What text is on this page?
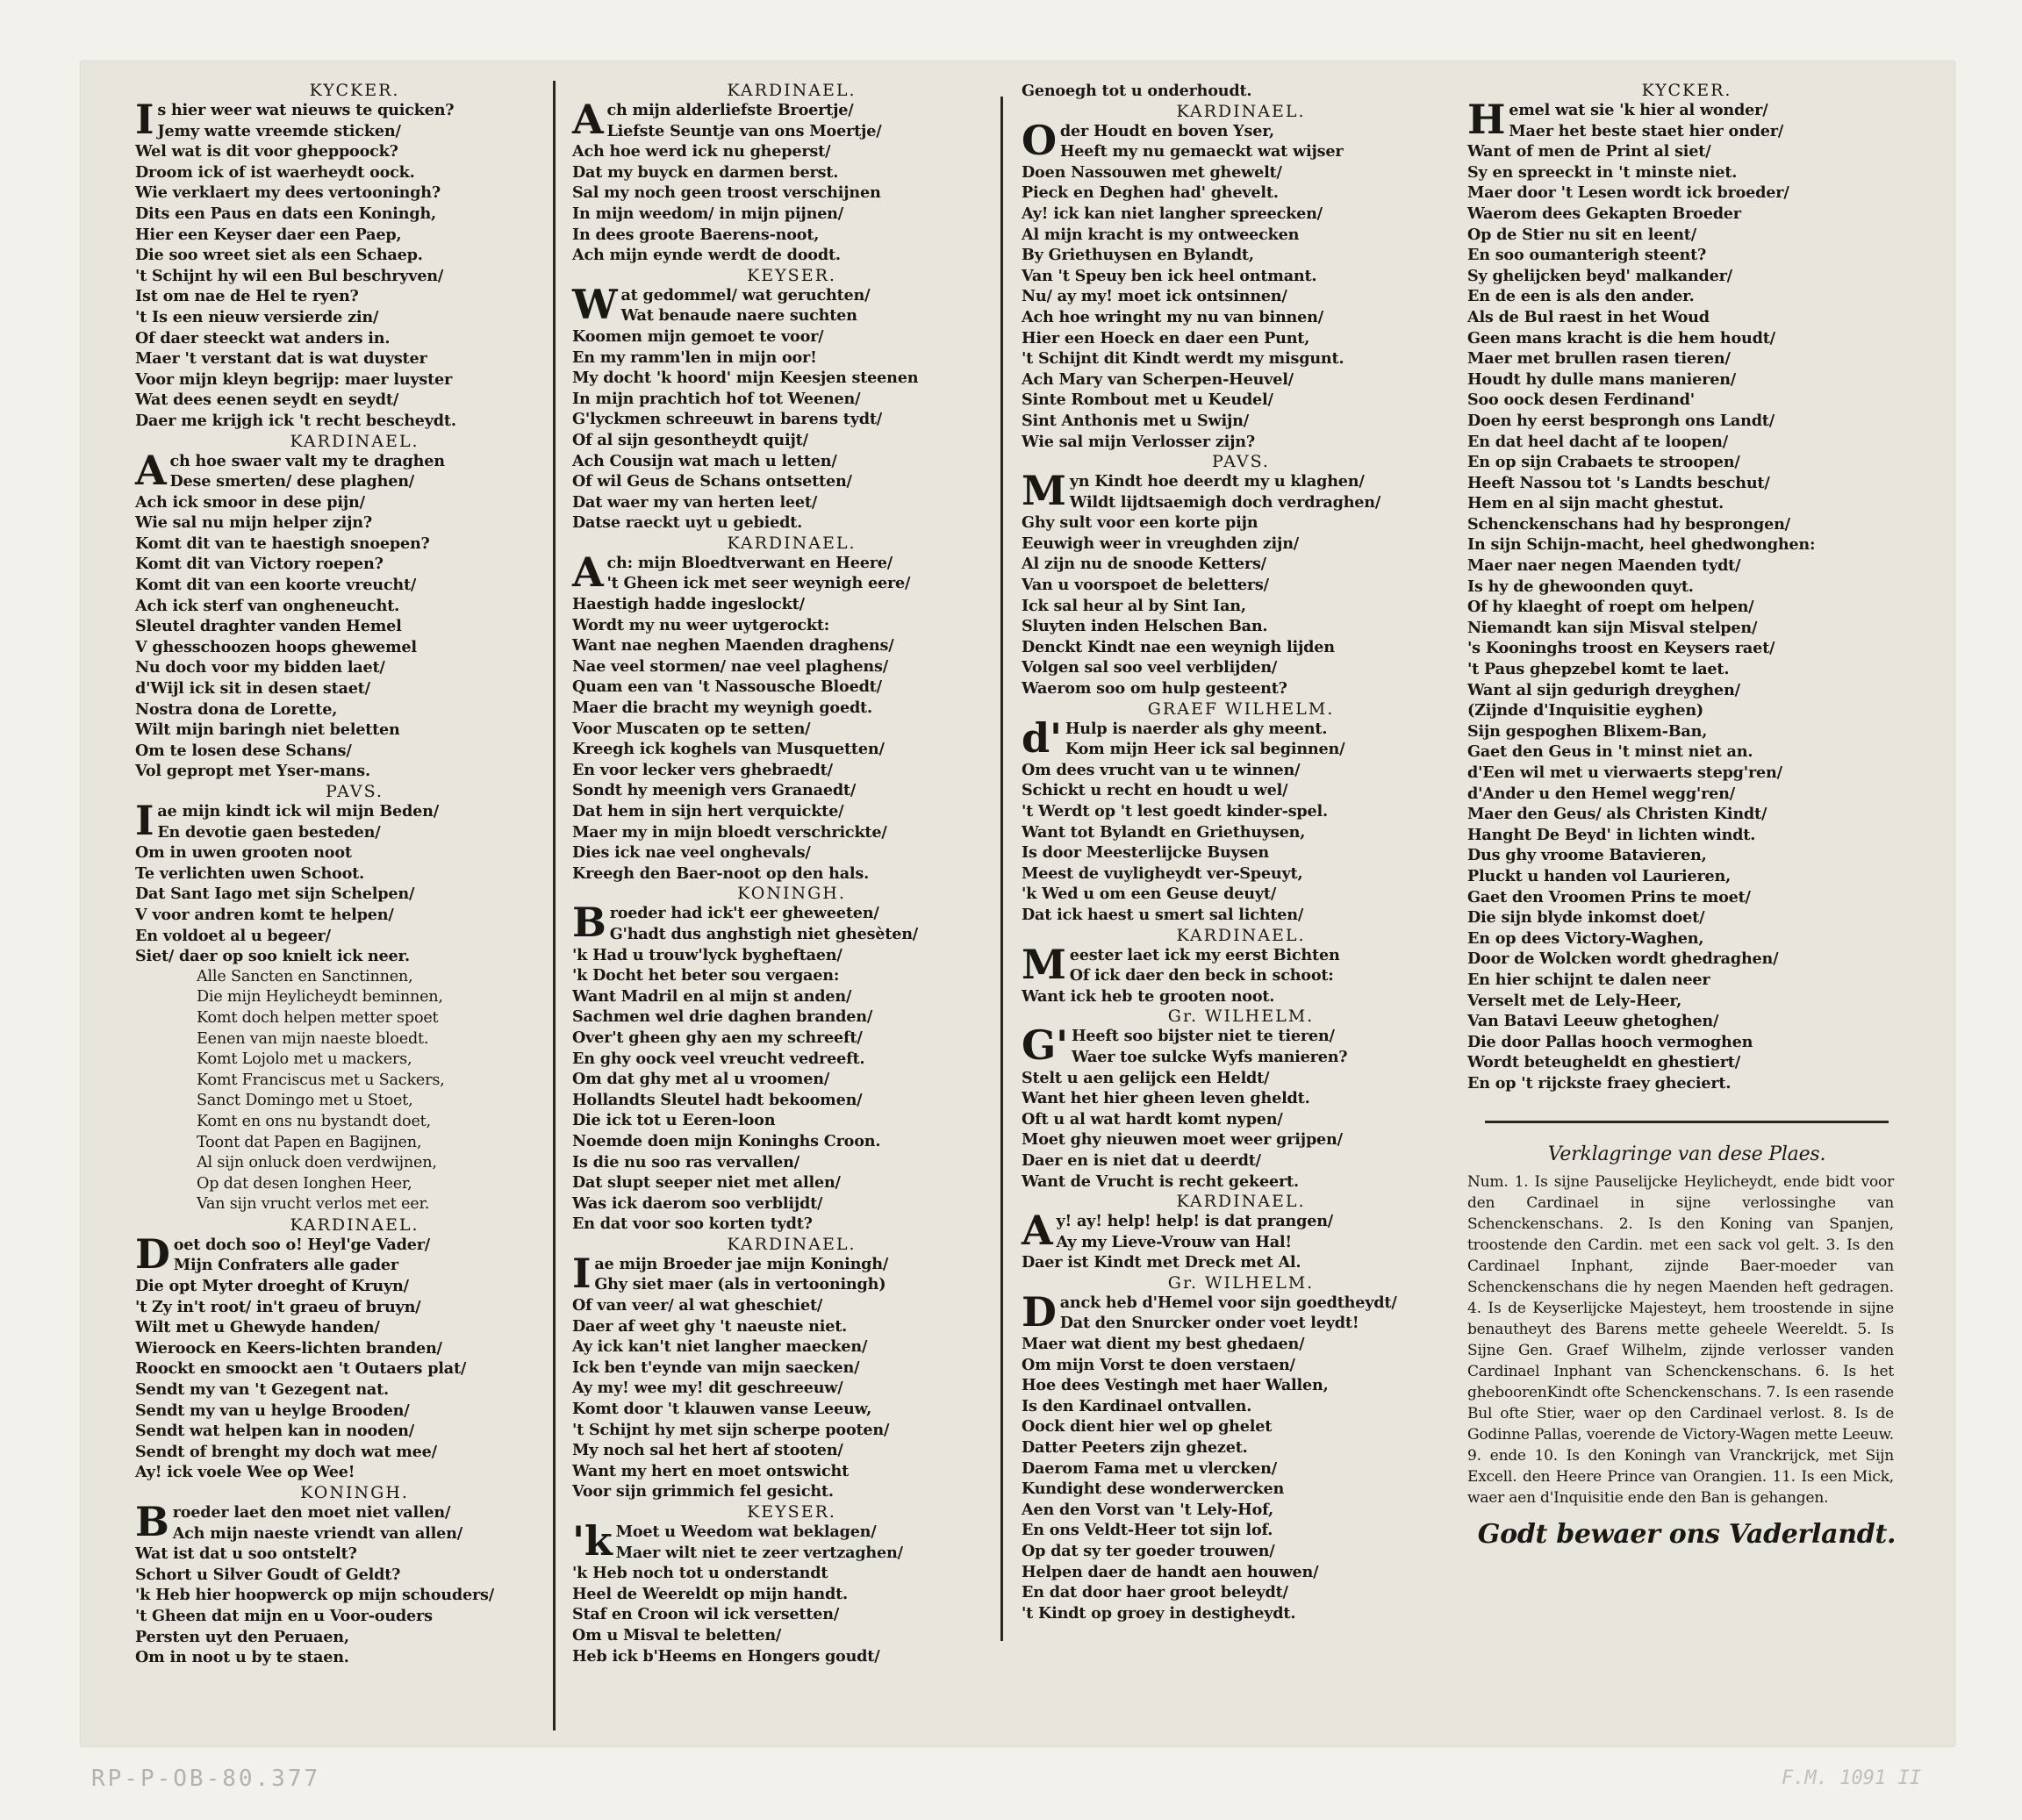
KYCKER.
Is hier weer wat nieuws te quicken?
Jemy watte vreemde sticken/
Wel wat is dit voor gheppoock?
Droom ick of ist waerheydt oock.
Wie verklaert my dees vertooningh?
Dits een Paus en dats een Koningh,
Hier een Keyser daer een Paep,
Die soo wreet siet als een Schaep.
't Schijnt hy wil een Bul beschryven/
Ist om nae de Hel te ryen?
't Is een nieuw versierde zin/
Of daer steeckt wat anders in.
Maer 't verstant dat is wat duyster
Voor mijn kleyn begrijp: maer luyster
Wat dees eenen seydt en seydt/
Daer me krijgh ick 't recht bescheydt.
KARDINAEL.
Ach hoe swaer valt my te draghen
Dese smerten/ dese plaghen/
Ach ick smoor in dese pijn/
Wie sal nu mijn helper zijn?
Komt dit van te haestigh snoepen?
Komt dit van Victory roepen?
Komt dit van een koorte vreucht/
Ach ick sterf van ongheneucht.
Sleutel draghter vanden Hemel
V ghesschoozen hoops ghewemel
Nu doch voor my bidden laet/
d'Wijl ick sit in desen staet/
Nostra dona de Lorette,
Wilt mijn baringh niet beletten
Om te losen dese Schans/
Vol gepropt met Yser-mans.
PAVS.
Iae mijn kindt ick wil mijn Beden/
En devotie gaen besteden/
Om in uwen grooten noot
Te verlichten uwen Schoot.
Dat Sant Iago met sijn Schelpen/
V voor andren komt te helpen/
En voldoet al u begeer/
Siet/ daer op soo knielt ick neer.
Alle Sancten en Sanctinnen,
Die mijn Heylicheydt beminnen,
Komt doch helpen metter spoet
Eenen van mijn naeste bloedt.
Komt Lojolo met u mackers,
Komt Franciscus met u Sackers,
Sanct Domingo met u Stoet,
Komt en ons nu bystandt doet,
Toont dat Papen en Bagijnen,
Al sijn onluck doen verdwijnen,
Op dat desen Ionghen Heer,
Van sijn vrucht verlos met eer.
KARDINAEL.
Doet doch soo o! Heyl'ge Vader/
Mijn Confraters alle gader
Die opt Myter droeght of Kruyn/
't Zy in't root/ in't graeu of bruyn/
Wilt met u Ghewyde handen/
Wieroock en Keers-lichten branden/
Roockt en smoockt aen 't Outaers plat/
Sendt my van 't Gezegent nat.
Sendt my van u heylge Brooden/
Sendt wat helpen kan in nooden/
Sendt of brenght my doch wat mee/
Ay! ick voele Wee op Wee!
KONINGH.
Broeder laet den moet niet vallen/
Ach mijn naeste vriendt van allen/
Wat ist dat u soo ontstelt?
Schort u Silver Goudt of Geldt?
'k Heb hier hoopwerck op mijn schouders/
't Gheen dat mijn en u Voor-ouders
Persten uyt den Peruaen,
Om in noot u by te staen.
KARDINAEL.
Ach mijn alderliefste Broertje/
Liefste Seuntje van ons Moertje/
Ach hoe werd ick nu gheperst/
Dat my buyck en darmen berst.
Sal my noch geen troost verschijnen
In mijn weedom/ in mijn pijnen/
In dees groote Baerens-noot,
Ach mijn eynde werdt de doodt.
KEYSER.
Wat gedommel/ wat geruchten/
Wat benaude naere suchten
Koomen mijn gemoet te voor/
En my ramm'len in mijn oor!
My docht 'k hoord' mijn Keesjen steenen
In mijn prachtich hof tot Weenen/
G'lyckmen schreeuwt in barens tydt/
Of al sijn gesontheydt quijt/
Ach Cousijn wat mach u letten/
Of wil Geus de Schans ontsetten/
Dat waer my van herten leet/
Datse raeckt uyt u gebiedt.
KARDINAEL.
Ach: mijn Bloedtverwant en Heere/
't Gheen ick met seer weynigh eere/
Haestigh hadde ingeslockt/
Wordt my nu weer uytgerockt:
Want nae neghen Maenden draghens/
Nae veel stormen/ nae veel plaghens/
Quam een van 't Nassousche Bloedt/
Maer die bracht my weynigh goedt.
Voor Muscaten op te setten/
Kreegh ick koghels van Musquetten/
En voor lecker vers ghebraedt/
Sondt hy meenigh vers Granaedt/
Dat hem in sijn hert verquickte/
Maer my in mijn bloedt verschrickte/
Dies ick nae veel onghevals/
Kreegh den Baer-noot op den hals.
KONINGH.
Broeder had ick't eer gheweeten/
G'hadt dus anghstigh niet ghesèten/
'k Had u trouw'lyck bygheftaen/
'k Docht het beter sou vergaen:
Want Madril en al mijn st anden/
Sachmen wel drie daghen branden/
Over't gheen ghy aen my schreeft/
En ghy oock veel vreucht vedreeft.
Om dat ghy met al u vroomen/
Hollandts Sleutel hadt bekoomen/
Die ick tot u Eeren-loon
Noemde doen mijn Koninghs Croon.
Is die nu soo ras vervallen/
Dat slupt seeper niet met allen/
Was ick daerom soo verblijdt/
En dat voor soo korten tydt?
KARDINAEL.
Iae mijn Broeder jae mijn Koningh/
Ghy siet maer (als in vertooningh)
Of van veer/ al wat gheschiet/
Daer af weet ghy 't naeuste niet.
Ay ick kan't niet langher maecken/
Ick ben t'eynde van mijn saecken/
Ay my! wee my! dit geschreeuw/
Komt door 't klauwen vanse Leeuw,
't Schijnt hy met sijn scherpe pooten/
My noch sal het hert af stooten/
Want my hert en moet ontswicht
Voor sijn grimmich fel gesicht.
KEYSER.
'kMoet u Weedom wat beklagen/
Maer wilt niet te zeer vertzaghen/
'k Heb noch tot u onderstandt
Heel de Weereldt op mijn handt.
Staf en Croon wil ick versetten/
Om u Misval te beletten/
Heb ick b'Heems en Hongers goudt/
Genoegh tot u onderhoudt.
KARDINAEL.
Oder Houdt en boven Yser,
Heeft my nu gemaeckt wat wijser
Doen Nassouwen met ghewelt/
Pieck en Deghen had' ghevelt.
Ay! ick kan niet langher spreecken/
Al mijn kracht is my ontweecken
By Griethuysen en Bylandt,
Van 't Speuy ben ick heel ontmant.
Nu/ ay my! moet ick ontsinnen/
Ach hoe wringht my nu van binnen/
Hier een Hoeck en daer een Punt,
't Schijnt dit Kindt werdt my misgunt.
Ach Mary van Scherpen-Heuvel/
Sinte Rombout met u Keudel/
Sint Anthonis met u Swijn/
Wie sal mijn Verlosser zijn?
PAVS.
Myn Kindt hoe deerdt my u klaghen/
Wildt lijdtsaemigh doch verdraghen/
Ghy sult voor een korte pijn
Eeuwigh weer in vreughden zijn/
Al zijn nu de snoode Ketters/
Van u voorspoet de beletters/
Ick sal heur al by Sint Ian,
Sluyten inden Helschen Ban.
Denckt Kindt nae een weynigh lijden
Volgen sal soo veel verblijden/
Waerom soo om hulp gesteent?
GRAEF WILHELM.
d'Hulp is naerder als ghy meent.
Kom mijn Heer ick sal beginnen/
Om dees vrucht van u te winnen/
Schickt u recht en houdt u wel/
't Werdt op 't lest goedt kinder-spel.
Want tot Bylandt en Griethuysen,
Is door Meesterlijcke Buysen
Meest de vuyligheydt ver-Speuyt,
'k Wed u om een Geuse deuyt/
Dat ick haest u smert sal lichten/
KARDINAEL.
Meester laet ick my eerst Bichten
Of ick daer den beck in schoot:
Want ick heb te grooten noot.
Gr. WILHELM.
G'Heeft soo bijster niet te tieren/
Waer toe sulcke Wyfs manieren?
Stelt u aen gelijck een Heldt/
Want het hier gheen leven gheldt.
Oft u al wat hardt komt nypen/
Moet ghy nieuwen moet weer grijpen/
Daer en is niet dat u deerdt/
Want de Vrucht is recht gekeert.
KARDINAEL.
Ay! ay! help! help! is dat prangen/
Ay my Lieve-Vrouw van Hal!
Daer ist Kindt met Dreck met Al.
Gr. WILHELM.
Danck heb d'Hemel voor sijn goedtheydt/
Dat den Snurcker onder voet leydt!
Maer wat dient my best ghedaen/
Om mijn Vorst te doen verstaen/
Hoe dees Vestingh met haer Wallen,
Is den Kardinael ontvallen.
Oock dient hier wel op ghelet
Datter Peeters zijn ghezet.
Daerom Fama met u vlercken/
Kundight dese wonderwercken
Aen den Vorst van 't Lely-Hof,
En ons Veldt-Heer tot sijn lof.
Op dat sy ter goeder trouwen/
Helpen daer de handt aen houwen/
En dat door haer groot beleydt/
't Kindt op groey in destigheydt.
KYCKER.
Hemel wat sie 'k hier al wonder/
Maer het beste staet hier onder/
Want of men de Print al siet/
Sy en spreeckt in 't minste niet.
Maer door 't Lesen wordt ick broeder/
Waerom dees Gekapten Broeder
Op de Stier nu sit en leent/
En soo oumanterigh steent?
Sy ghelijcken beyd' malkander/
En de een is als den ander.
Als de Bul raest in het Woud
Geen mans kracht is die hem houdt/
Maer met brullen rasen tieren/
Houdt hy dulle mans manieren/
Soo oock desen Ferdinand'
Doen hy eerst besprongh ons Landt/
En dat heel dacht af te loopen/
En op sijn Crabaets te stroopen/
Heeft Nassou tot 's Landts beschut/
Hem en al sijn macht ghestut.
Schenckenschans had hy besprongen/
In sijn Schijn-macht, heel ghedwonghen:
Maer naer negen Maenden tydt/
Is hy de ghewoonden quyt.
Of hy klaeght of roept om helpen/
Niemandt kan sijn Misval stelpen/
's Kooninghs troost en Keysers raet/
't Paus ghepzebel komt te laet.
Want al sijn gedurigh dreyghen/
(Zijnde d'Inquisitie eyghen)
Sijn gespoghen Blixem-Ban,
Gaet den Geus in 't minst niet an.
d'Een wil met u vierwaerts stepg'ren/
d'Ander u den Hemel wegg'ren/
Maer den Geus/ als Christen Kindt/
Hanght De Beyd' in lichten windt.
Dus ghy vroome Batavieren,
Pluckt u handen vol Laurieren,
Gaet den Vroomen Prins te moet/
Die sijn blyde inkomst doet/
En op dees Victory-Waghen,
Door de Wolcken wordt ghedraghen/
En hier schijnt te dalen neer
Verselt met de Lely-Heer,
Van Batavi Leeuw ghetoghen/
Die door Pallas hooch vermoghen
Wordt beteugheldt en ghestiert/
En op 't rijckste fraey gheciert.
Verklagringe van dese Plaes.
Num. 1. Is sijne Pauselijcke Heylicheydt, ende bidt voor den Cardinael in sijne verlossinghe van Schenckenschans. 2. Is den Koning van Spanjen, troostende den Cardin. met een sack vol gelt. 3. Is den Cardinael Inphant, zijnde Baer-moeder van Schenckenschans die hy negen Maenden heft gedragen. 4. Is de Keyserlijcke Majesteyt, hem troostende in sijne benautheyt des Barens mette geheele Weereldt. 5. Is Sijne Gen. Graef Wilhelm, zijnde verlosser vanden Cardinael Inphant van Schenckenschans. 6. Is het gheboorenKindt ofte Schenckenschans. 7. Is een rasende Bul ofte Stier, waer op den Cardinael verlost. 8. Is de Godinne Pallas, voerende de Victory-Wagen mette Leeuw. 9. ende 10. Is den Koningh van Vranckrijck, met Sijn Excell. den Heere Prince van Orangien. 11. Is een Mick, waer aen d'Inquisitie ende den Ban is gehangen.
Godt bewaer ons Vaderlandt.
RP-P-OB-80.377	F.M. 1091 II
